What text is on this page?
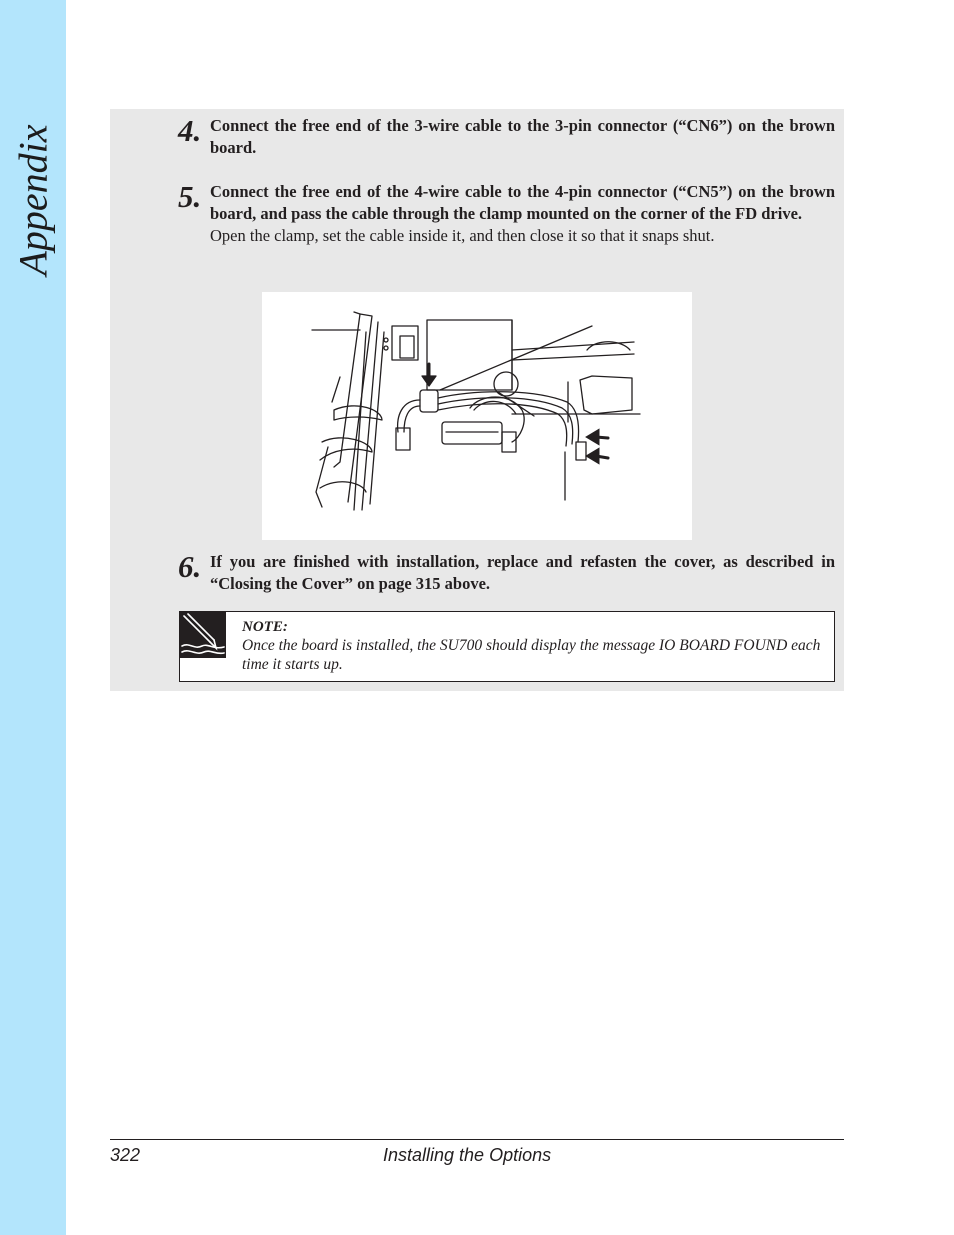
Appendix	4. Connect the free end of the 3-wire cable to the 3-pin connector (“CN6”) on the brown board.
5. Connect the free end of the 4-wire cable to the 4-pin connector (“CN5”) on the brown board, and pass the cable through the clamp mounted on the corner of the FD drive.
Open the clamp, set the cable inside it, and then close it so that it snaps shut.
6. If you are finished with installation, replace and refasten the cover, as described in “Closing the Cover” on page 315 above.
NOTE:
Once the board is installed, the SU700 should display the message IO BOARD FOUND each time it starts up.
322	Installing the Options
